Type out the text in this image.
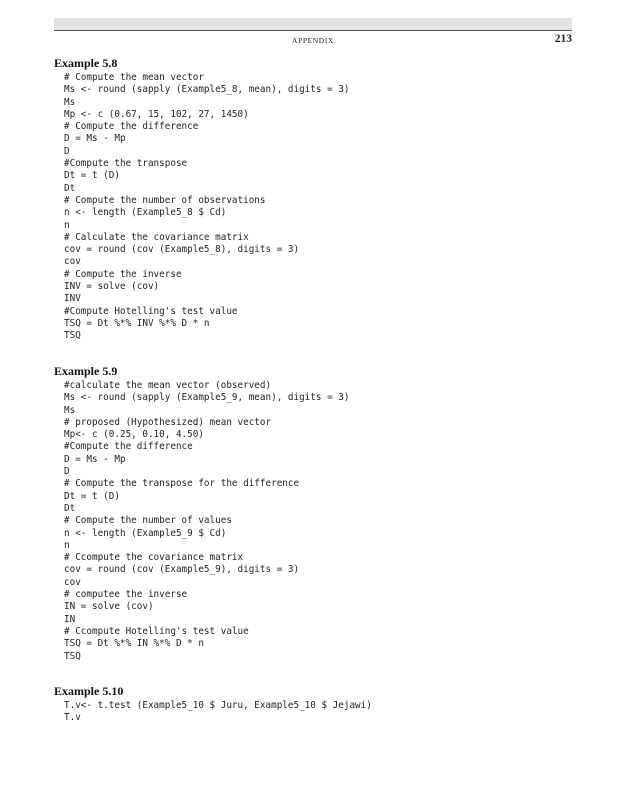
APPENDIX	213
Example 5.8
# Compute the mean vector
Ms <- round (sapply (Example5_8, mean), digits = 3)
Ms
Mp <- c (0.67, 15, 102, 27, 1450)
# Compute the difference
D = Ms - Mp
D
#Compute the transpose
Dt = t (D)
Dt
# Compute the number of observations
n <- length (Example5_8 $ Cd)
n
# Calculate the covariance matrix
cov = round (cov (Example5_8), digits = 3)
cov
# Compute the inverse
INV = solve (cov)
INV
#Compute Hotelling's test value
TSQ = Dt %*% INV %*% D * n
TSQ
Example 5.9
#calculate the mean vector (observed)
Ms <- round (sapply (Example5_9, mean), digits = 3)
Ms
# proposed (Hypothesized) mean vector
Mp<- c (0.25, 0.10, 4.50)
#Compute the difference
D = Ms - Mp
D
# Compute the transpose for the difference
Dt = t (D)
Dt
# Compute the number of values
n <- length (Example5_9 $ Cd)
n
# Ccompute the covariance matrix
cov = round (cov (Example5_9), digits = 3)
cov
# computee the inverse
IN = solve (cov)
IN
# Ccompute Hotelling's test value
TSQ = Dt %*% IN %*% D * n
TSQ
Example 5.10
T.v<- t.test (Example5_10 $ Juru, Example5_10 $ Jejawi)
T.v
